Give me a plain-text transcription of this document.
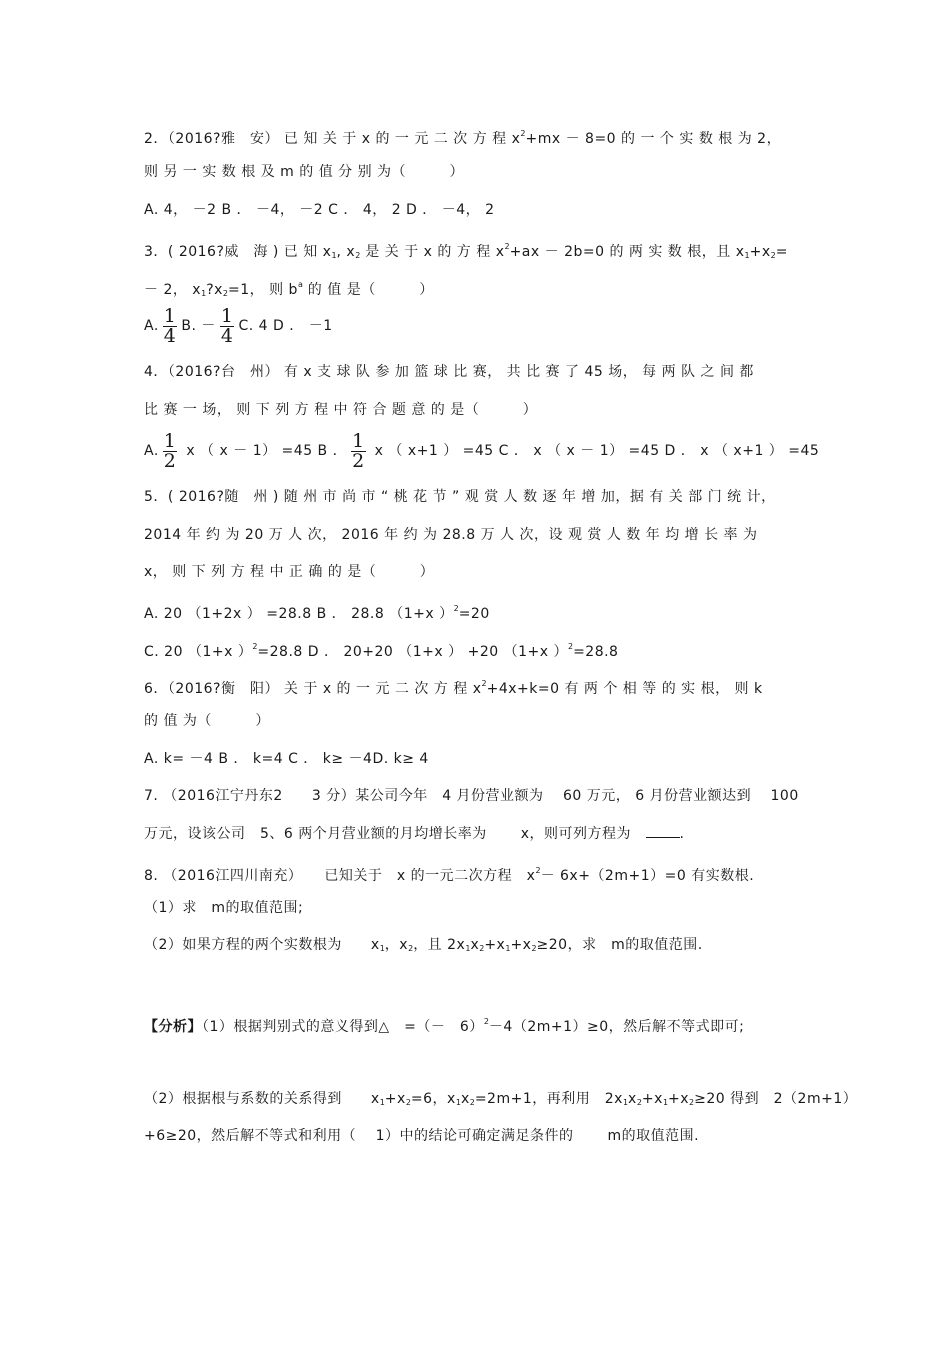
2．（2016?雅　安） 已 知 关 于 x 的 一 元 二 次 方 程 $x^2+mx - 8=0$ 的 一 个 实 数 根 为 2，
则 另 一 实 数 根 及 m 的 值 分 别 为（　　　）
A. 4， －2 B ． －4， －2 C ． 4， 2 D ． －4， 2
3．( 2016?威　海 ) 已 知 $x_1$, $x_2$ 是 关 于 x 的 方 程 $x^2+ax - 2b=0$ 的 两 实 数 根，且 $x_1+x_2=$
－ 2， $x_1?x_2=1$， 则 $b^a$ 的 值 是（　　　）
A. $\frac{1}{4} B$. － $\frac{1}{4} C$. 4 D ． －1
4．（2016?台　州） 有 x 支 球 队 参 加 篮 球 比 赛， 共 比 赛 了 45 场， 每 两 队 之 间 都
比 赛 一 场， 则 下 列 方 程 中 符 合 题 意 的 是（　　　）
A. $\frac{1}{2}$ x （ x － 1） =45 B ． $\frac{1}{2}$ x （ x+1 ） =45 C ． x （ x － 1） =45 D ． x （ x+1 ） =45
5．( 2016?随　州 ) 随 州 市 尚 市 “ 桃 花 节 ” 观 赏 人 数 逐 年 增 加，据 有 关 部 门 统 计，
2014 年 约 为 20 万 人 次， 2016 年 约 为 28.8 万 人 次，设 观 赏 人 数 年 均 增 长 率 为
x， 则 下 列 方 程 中 正 确 的 是（　　　）
A. 20 （1+2x ） =28.8 B ． 28.8 （1+x ）$^2$=20
C. 20 （1+x ）$^2$=28.8 D ． 20+20 （1+x ） +20 （1+x ）$^2$=28.8
6．（2016?衡　阳） 关 于 x 的 一 元 二 次 方 程 $x^2+4x+k=0$ 有 两 个 相 等 的 实 根， 则 k
的 值 为（　　　）
A. k= －4 B ． k=4 C ． k≥ －4D. k≥ 4
7. （2016江宁丹东2　　3 分）某公司今年　4 月份营业额为　 60 万元， 6 月份营业额达到　 100
万元，设该公司　5、6 两个月营业额的月均增长率为　　 x，则可列方程为　.
8. （2016江四川南充）　　已知关于　x 的一元二次方程　$x^2- 6x+(2m+1)=0$ 有实数根.
（1）求　m的取值范围;
（2）如果方程的两个实数根为　　$x_1$，$x_2$，且 $2x_1x_2+x_1+x_2\ge 20$，求　m的取值范围.
【分析】（1）根据判别式的意义得到△　=（－　6）$^2$－4（2m+1）≥0，然后解不等式即可;
（2）根据根与系数的关系得到　　$x_1+x_2=6$，$x_1x_2=2m+1$，再利用　$2x_1x_2+x_1+x_2\ge 20$ 得到　2（2m+1）
+6≥20，然后解不等式和利用（　 1）中的结论可确定满足条件的　　 m的取值范围.
